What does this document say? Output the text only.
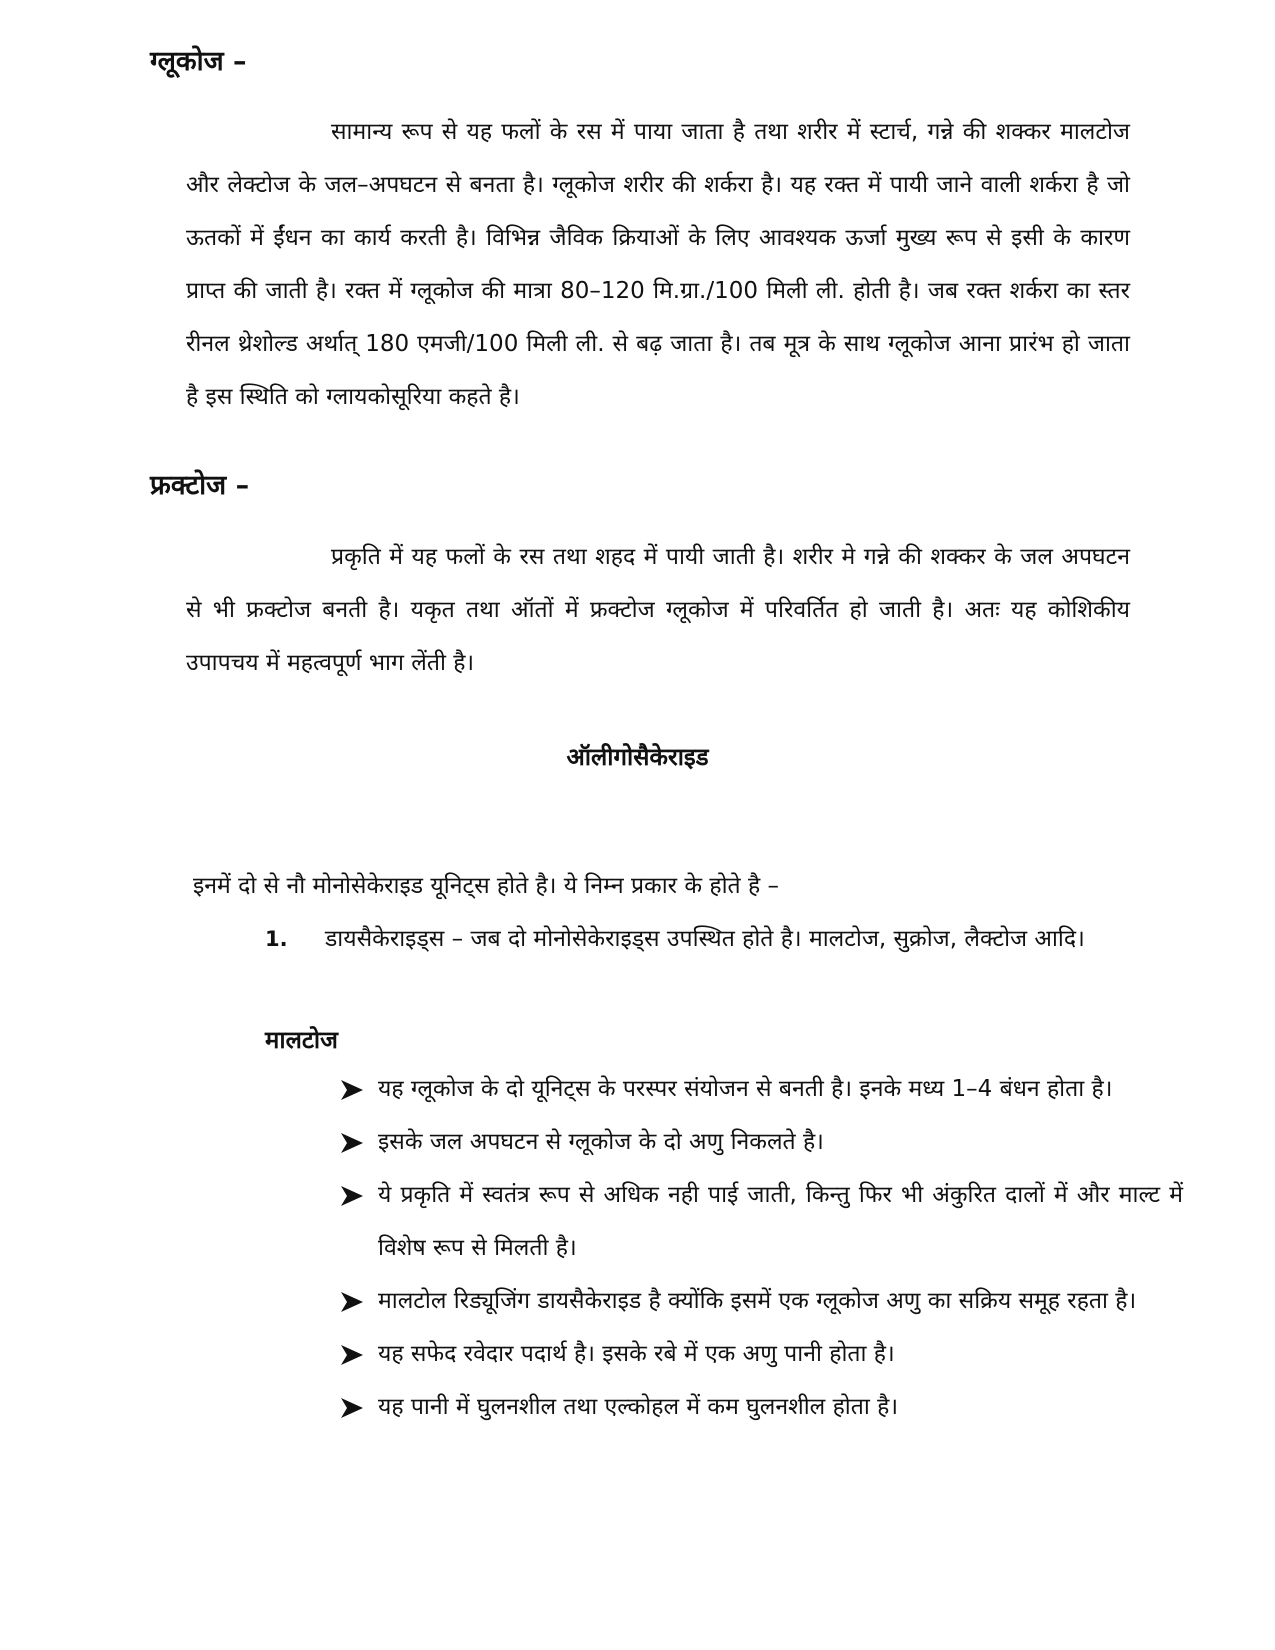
ग्लूकोज –

सामान्य रूप से यह फलों के रस में पाया जाता है तथा शरीर में स्टार्च, गन्ने की शक्कर मालटोज और लेक्टोज के जल–अपघटन से बनता है। ग्लूकोज शरीर की शर्करा है। यह रक्त में पायी जाने वाली शर्करा है जो ऊतकों में ईंधन का कार्य करती है। विभिन्न जैविक क्रियाओं के लिए आवश्यक ऊर्जा मुख्य रूप से इसी के कारण प्राप्त की जाती है। रक्त में ग्लूकोज की मात्रा 80–120 मि.ग्रा./100 मिली ली. होती है। जब रक्त शर्करा का स्तर रीनल थ्रेशोल्ड अर्थात् 180 एमजी/100 मिली ली. से बढ़ जाता है। तब मूत्र के साथ ग्लूकोज आना प्रारंभ हो जाता है इस स्थिति को ग्लायकोसूरिया कहते है।

फ्रक्टोज –

प्रकृति में यह फलों के रस तथा शहद में पायी जाती है। शरीर मे गन्ने की शक्कर के जल अपघटन से भी फ्रक्टोज बनती है। यकृत तथा ऑतों में फ्रक्टोज ग्लूकोज में परिवर्तित हो जाती है। अतः यह कोशिकीय उपापचय में महत्वपूर्ण भाग लेंती है।

ऑलीगोसैकेराइड
इनमें दो से नौ मोनोसेकेराइड यूनिट्स होते है। ये निम्न प्रकार के होते है –
1. डायसैकेराइड्स – जब दो मोनोसेकेराइड्स उपस्थित होते है। मालटोज, सुक्रोज, लैक्टोज आदि।
मालटोज
यह ग्लूकोज के दो यूनिट्स के परस्पर संयोजन से बनती है। इनके मध्य 1–4 बंधन होता है।
इसके जल अपघटन से ग्लूकोज के दो अणु निकलते है।
ये प्रकृति में स्वतंत्र रूप से अधिक नही पाई जाती, किन्तु फिर भी अंकुरित दालों में और माल्ट में विशेष रूप से मिलती है।
मालटोल रिड्यूजिंग डायसैकेराइड है क्योंकि इसमें एक ग्लूकोज अणु का सक्रिय समूह रहता है।
यह सफेद रवेदार पदार्थ है। इसके रबे में एक अणु पानी होता है।
यह पानी में घुलनशील तथा एल्कोहल में कम घुलनशील होता है।
